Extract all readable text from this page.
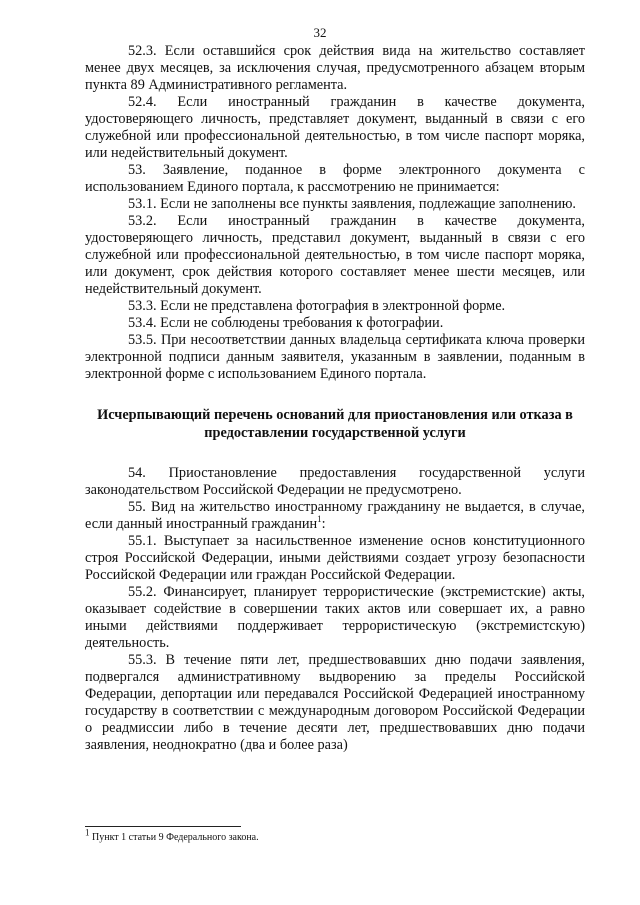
32

52.3. Если оставшийся срок действия вида на жительство составляет менее двух месяцев, за исключения случая, предусмотренного абзацем вторым пункта 89 Административного регламента.

52.4. Если иностранный гражданин в качестве документа, удостоверяющего личность, представляет документ, выданный в связи с его служебной или профессиональной деятельностью, в том числе паспорт моряка, или недействительный документ.

53. Заявление, поданное в форме электронного документа с использованием Единого портала, к рассмотрению не принимается:

53.1. Если не заполнены все пункты заявления, подлежащие заполнению.

53.2. Если иностранный гражданин в качестве документа, удостоверяющего личность, представил документ, выданный в связи с его служебной или профессиональной деятельностью, в том числе паспорт моряка, или документ, срок действия которого составляет менее шести месяцев, или недействительный документ.

53.3. Если не представлена фотография в электронной форме.

53.4. Если не соблюдены требования к фотографии.

53.5. При несоответствии данных владельца сертификата ключа проверки электронной подписи данным заявителя, указанным в заявлении, поданным в электронной форме с использованием Единого портала.

Исчерпывающий перечень оснований для приостановления или отказа в предоставлении государственной услуги

54. Приостановление предоставления государственной услуги законодательством Российской Федерации не предусмотрено.

55. Вид на жительство иностранному гражданину не выдается, в случае, если данный иностранный гражданин$^1$:

55.1. Выступает за насильственное изменение основ конституционного строя Российской Федерации, иными действиями создает угрозу безопасности Российской Федерации или граждан Российской Федерации.

55.2. Финансирует, планирует террористические (экстремистские) акты, оказывает содействие в совершении таких актов или совершает их, а равно иными действиями поддерживает террористическую (экстремистскую) деятельность.

55.3. В течение пяти лет, предшествовавших дню подачи заявления, подвергался административному выдворению за пределы Российской Федерации, депортации или передавался Российской Федерацией иностранному государству в соответствии с международным договором Российской Федерации о реадмиссии либо в течение десяти лет, предшествовавших дню подачи заявления, неоднократно (два и более раза)

$^1$ Пункт 1 статьи 9 Федерального закона.
